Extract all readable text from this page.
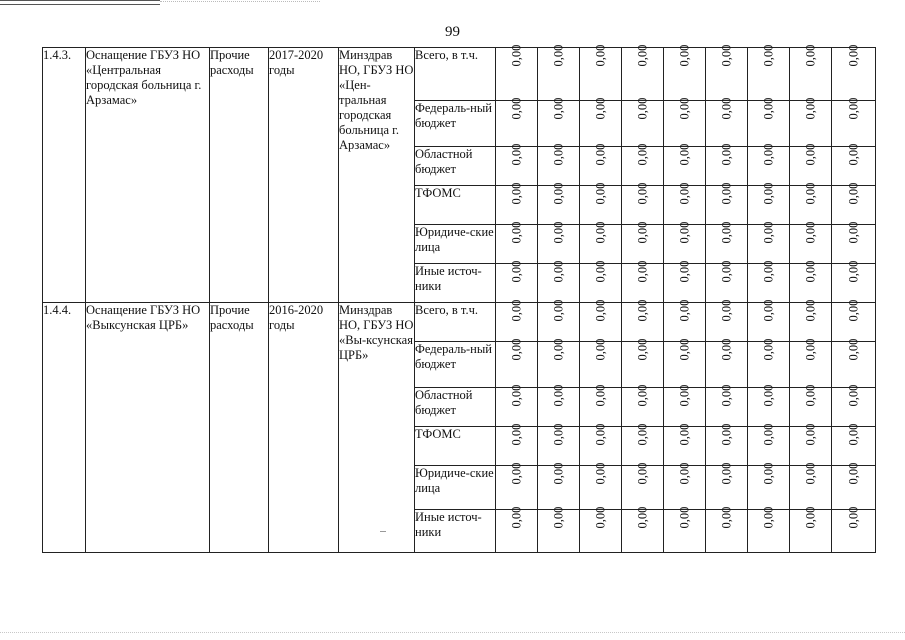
99
1.4.3.	Оснащение ГБУЗ НО «Центральная городская больница г. Арзамас»	Прочие расходы	2017-2020 годы	Минздрав НО, ГБУЗ НО «Цен-тральная городская больница г. Арзамас»	Всего, в т.ч.	0,00	0,00	0,00	0,00	0,00	0,00	0,00	0,00	0,00
					Федераль-ный бюджет	0,00	0,00	0,00	0,00	0,00	0,00	0,00	0,00	0,00
					Областной бюджет	0,00	0,00	0,00	0,00	0,00	0,00	0,00	0,00	0,00
					ТФОМС	0,00	0,00	0,00	0,00	0,00	0,00	0,00	0,00	0,00
					Юридиче-ские лица	0,00	0,00	0,00	0,00	0,00	0,00	0,00	0,00	0,00
					Иные источ-ники	0,00	0,00	0,00	0,00	0,00	0,00	0,00	0,00	0,00
1.4.4.	Оснащение ГБУЗ НО «Выксунская ЦРБ»	Прочие расходы	2016-2020 годы	Минздрав НО, ГБУЗ НО «Вы-ксунская ЦРБ»	Всего, в т.ч.	0,00	0,00	0,00	0,00	0,00	0,00	0,00	0,00	0,00
					Федераль-ный бюджет	0,00	0,00	0,00	0,00	0,00	0,00	0,00	0,00	0,00
					Областной бюджет	0,00	0,00	0,00	0,00	0,00	0,00	0,00	0,00	0,00
					ТФОМС	0,00	0,00	0,00	0,00	0,00	0,00	0,00	0,00	0,00
					Юридиче-ские лица	0,00	0,00	0,00	0,00	0,00	0,00	0,00	0,00	0,00
					Иные источ-ники	0,00	0,00	0,00	0,00	0,00	0,00	0,00	0,00	0,00
